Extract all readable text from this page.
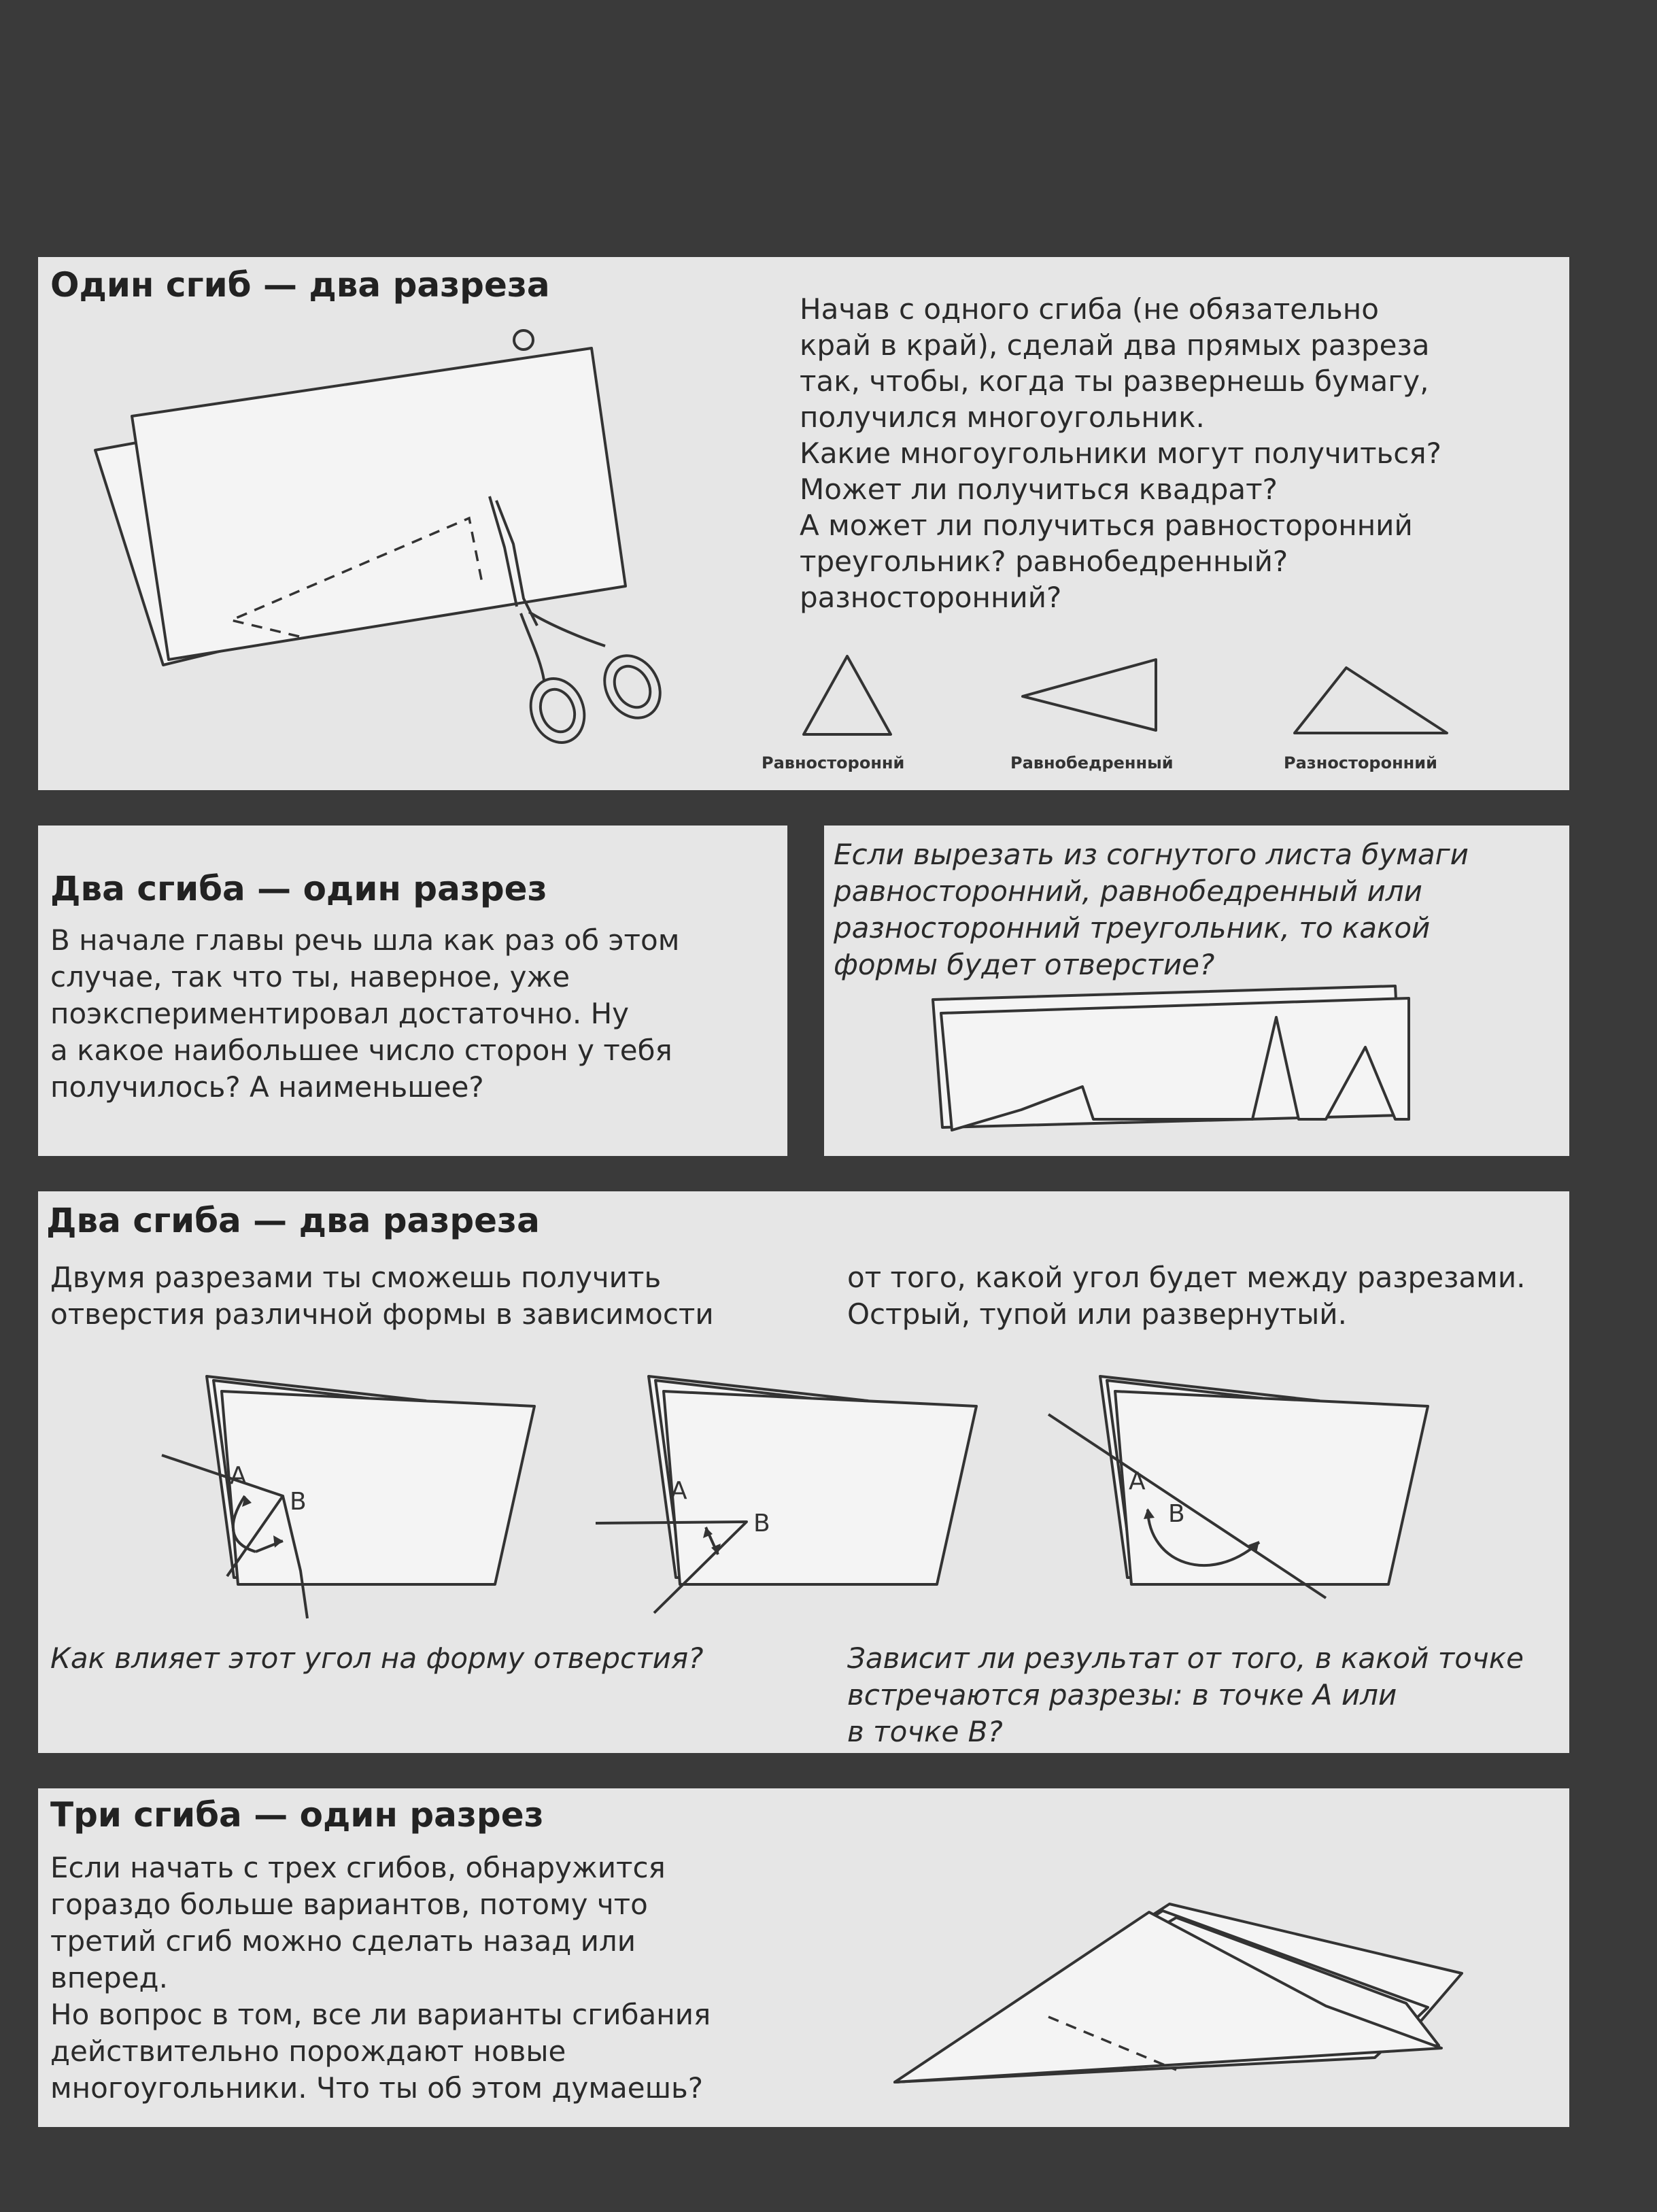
Один сгиб — два разреза
Начав с одного сгиба (не обязательно
край в край), сделай два прямых разреза
так, чтобы, когда ты развернешь бумагу,
получился многоугольник.
Какие многоугольники могут получиться?
Может ли получиться квадрат?
А может ли получиться равносторонний
треугольник? равнобедренный?
разносторонний?
Равностороннй	Равнобедренный	Разносторонний
Два сгиба — один разрез
В начале главы речь шла как раз об этом
случае, так что ты, наверное, уже
поэкспериментировал достаточно. Ну
а какое наибольшее число сторон у тебя
получилось? А наименьшее?
Если вырезать из согнутого листа бумаги
равносторонний, равнобедренный или
разносторонний треугольник, то какой
формы будет отверстие?
Два сгиба — два разреза
Двумя разрезами ты сможешь получить
отверстия различной формы в зависимости
от того, какой угол будет между разрезами.
Острый, тупой или развернутый.
A
B	A
B
A
B
Как влияет этот угол на форму отверстия?	Зависит ли результат от того, в какой точке
встречаются разрезы: в точке А или
в точке В?
Три сгиба — один разрез
Если начать с трех сгибов, обнаружится
гораздо больше вариантов, потому что
третий сгиб можно сделать назад или
вперед.
Но вопрос в том, все ли варианты сгибания
действительно порождают новые
многоугольники. Что ты об этом думаешь?
